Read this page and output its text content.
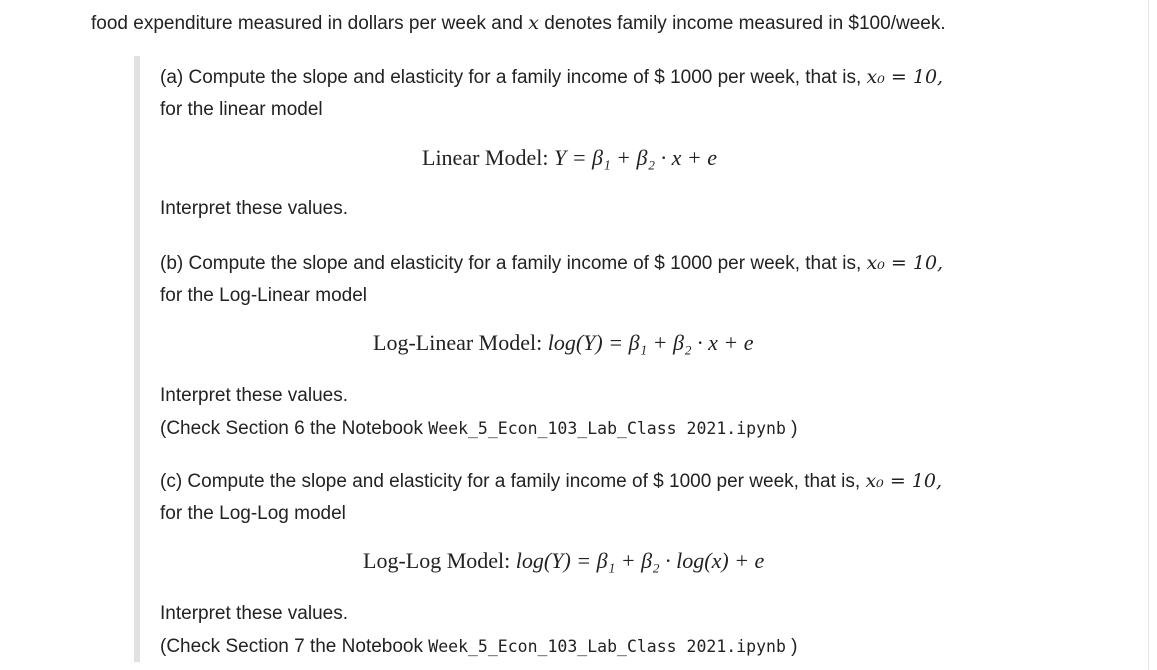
food expenditure measured in dollars per week and x denotes family income measured in $100/week.
(a) Compute the slope and elasticity for a family income of $ 1000 per week, that is, x₀ = 10,
for the linear model
Linear Model: Y = β₁ + β₂ · x + e
Interpret these values.
(b) Compute the slope and elasticity for a family income of $ 1000 per week, that is, x₀ = 10,
for the Log-Linear model
Log-Linear Model: log(Y) = β₁ + β₂ · x + e
Interpret these values.
(Check Section 6 the Notebook Week_5_Econ_103_Lab_Class 2021.ipynb )
(c) Compute the slope and elasticity for a family income of $ 1000 per week, that is, x₀ = 10,
for the Log-Log model
Log-Log Model: log(Y) = β₁ + β₂ · log(x) + e
Interpret these values.
(Check Section 7 the Notebook Week_5_Econ_103_Lab_Class 2021.ipynb )
